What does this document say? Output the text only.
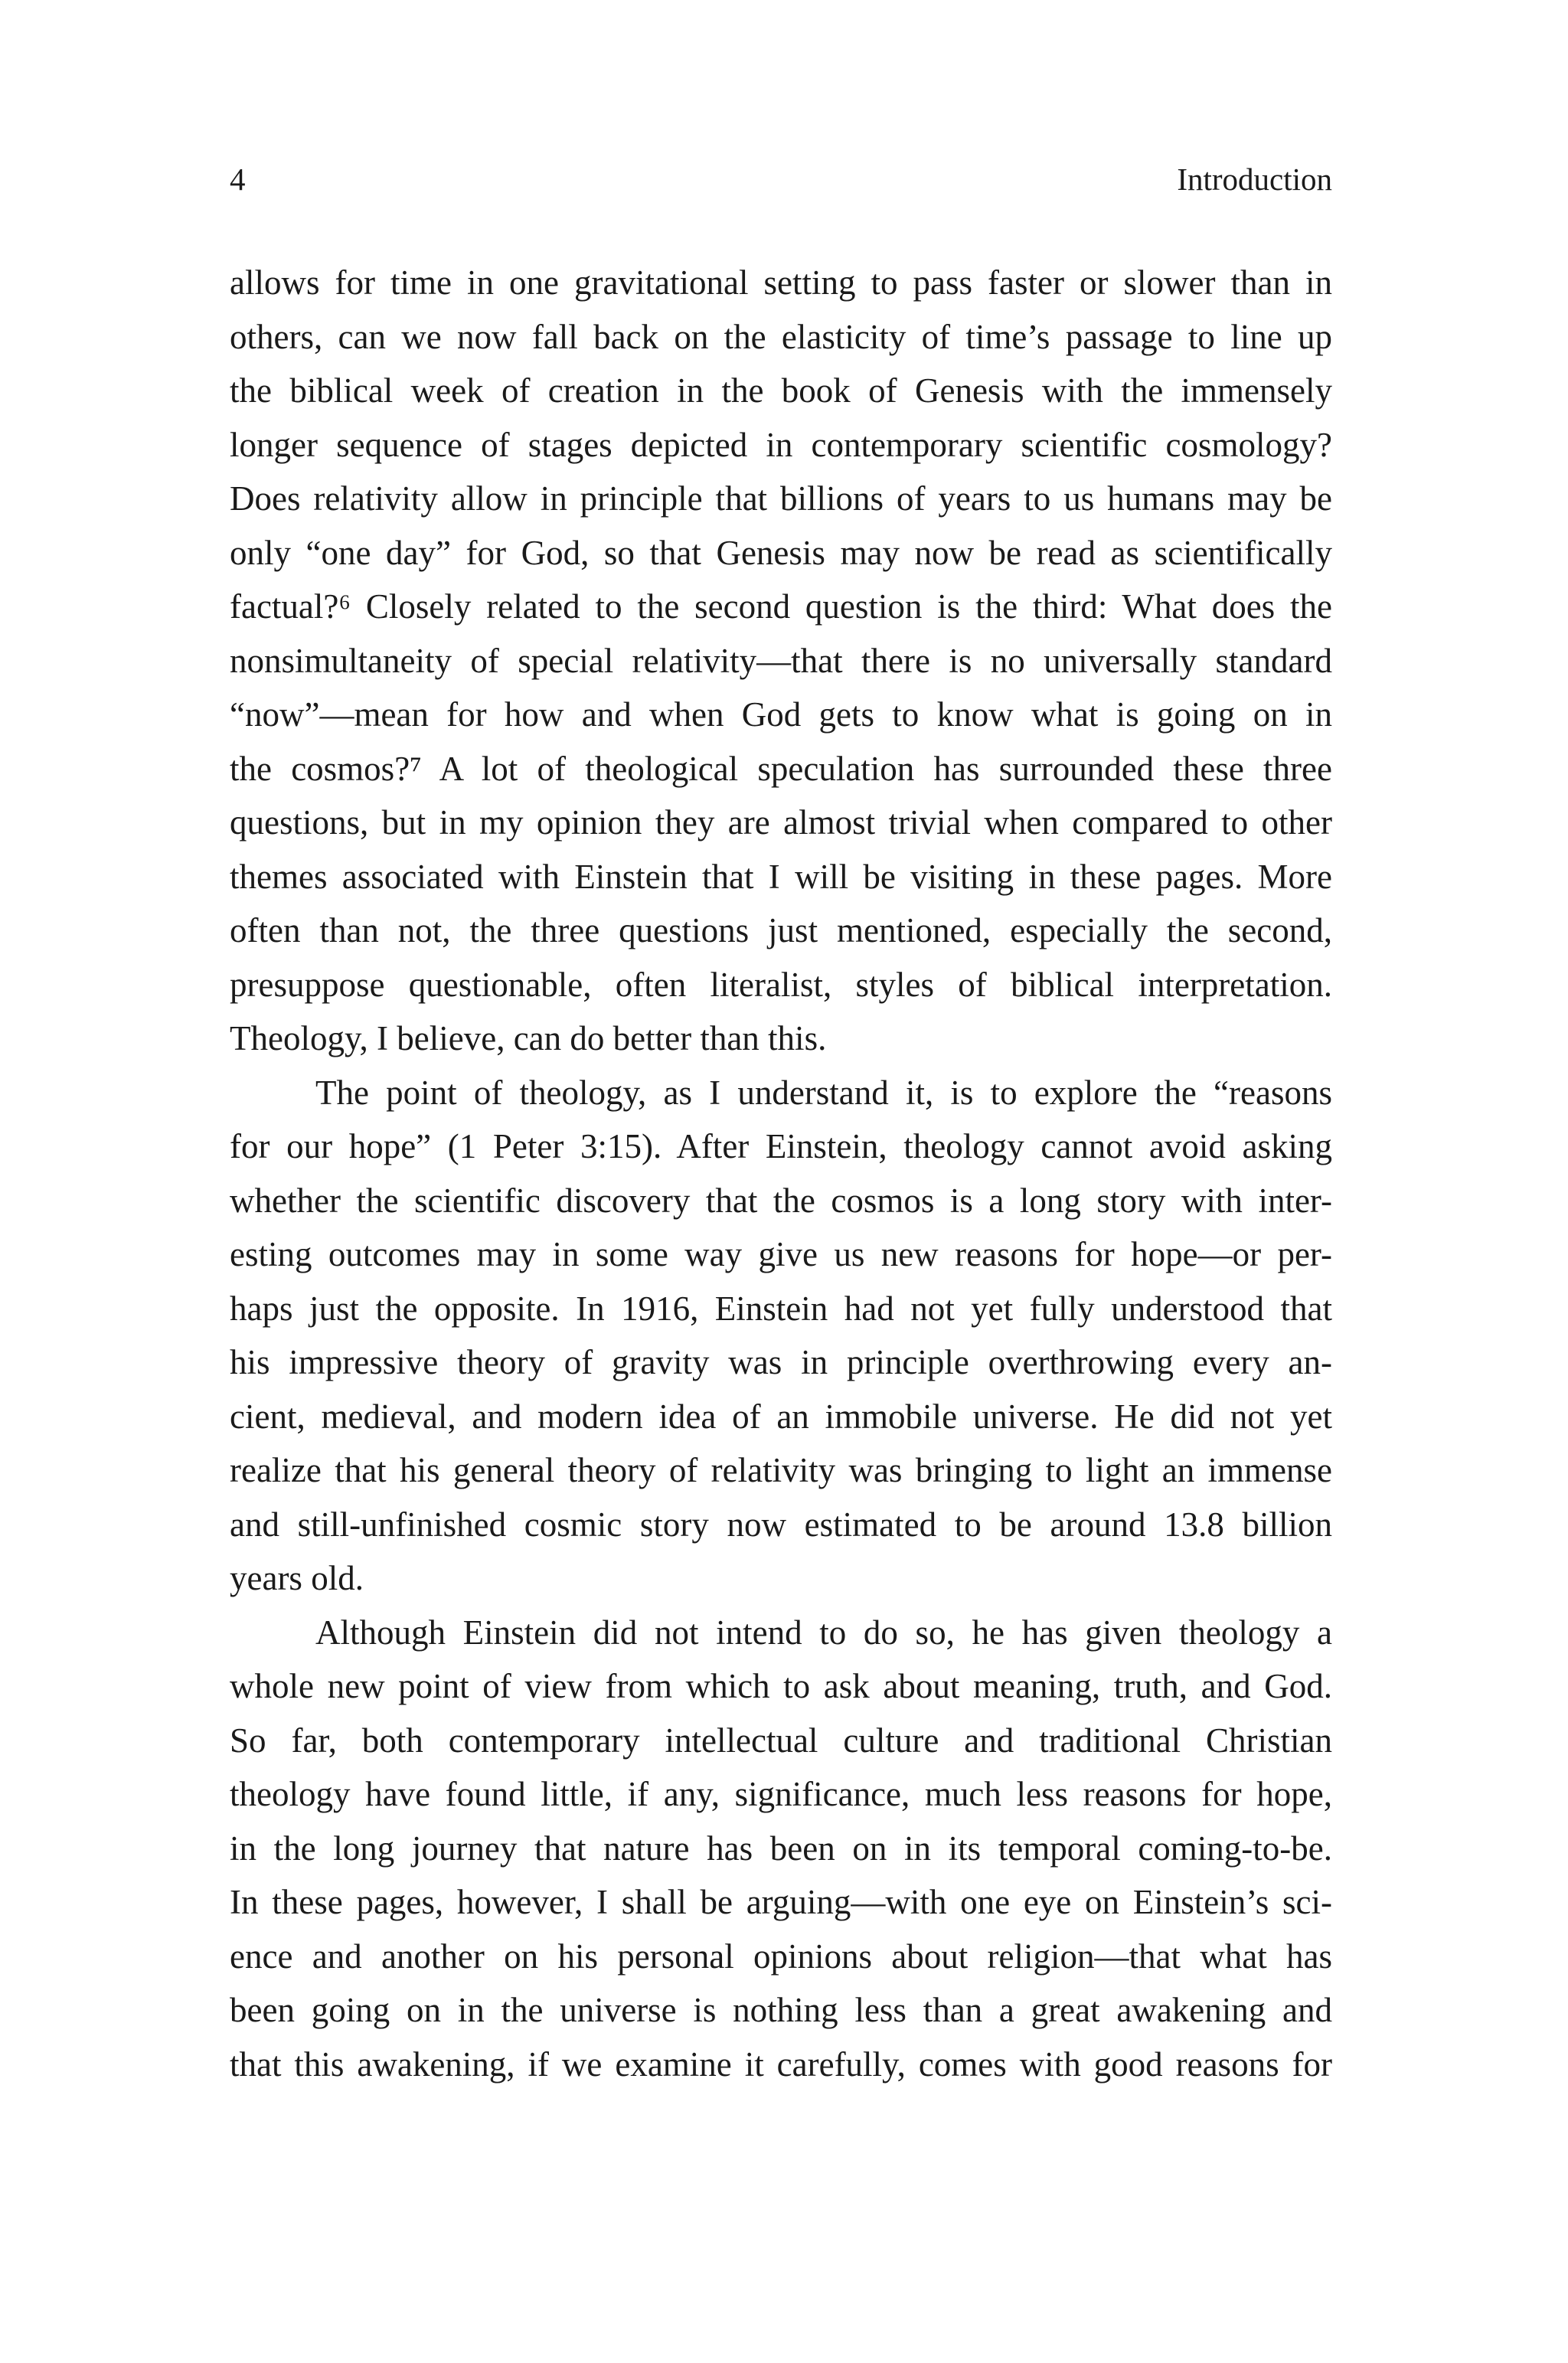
4	Introduction
allows for time in one gravitational setting to pass faster or slower than in
others, can we now fall back on the elasticity of time’s passage to line up
the biblical week of creation in the book of Genesis with the immensely
longer sequence of stages depicted in contemporary scientific cosmology?
Does relativity allow in principle that billions of years to us humans may be
only “one day” for God, so that Genesis may now be read as scientifically
factual?⁶ Closely related to the second question is the third: What does the
nonsimultaneity of special relativity—that there is no universally standard
“now”—mean for how and when God gets to know what is going on in
the cosmos?⁷ A lot of theological speculation has surrounded these three
questions, but in my opinion they are almost trivial when compared to other
themes associated with Einstein that I will be visiting in these pages. More
often than not, the three questions just mentioned, especially the second,
presuppose questionable, often literalist, styles of biblical interpretation.
Theology, I believe, can do better than this.
The point of theology, as I understand it, is to explore the “reasons
for our hope” (1 Peter 3:15). After Einstein, theology cannot avoid asking
whether the scientific discovery that the cosmos is a long story with inter-
esting outcomes may in some way give us new reasons for hope—or per-
haps just the opposite. In 1916, Einstein had not yet fully understood that
his impressive theory of gravity was in principle overthrowing every an-
cient, medieval, and modern idea of an immobile universe. He did not yet
realize that his general theory of relativity was bringing to light an immense
and still-unfinished cosmic story now estimated to be around 13.8 billion
years old.
Although Einstein did not intend to do so, he has given theology a
whole new point of view from which to ask about meaning, truth, and God.
So far, both contemporary intellectual culture and traditional Christian
theology have found little, if any, significance, much less reasons for hope,
in the long journey that nature has been on in its temporal coming-to-be.
In these pages, however, I shall be arguing—with one eye on Einstein’s sci-
ence and another on his personal opinions about religion—that what has
been going on in the universe is nothing less than a great awakening and
that this awakening, if we examine it carefully, comes with good reasons for
